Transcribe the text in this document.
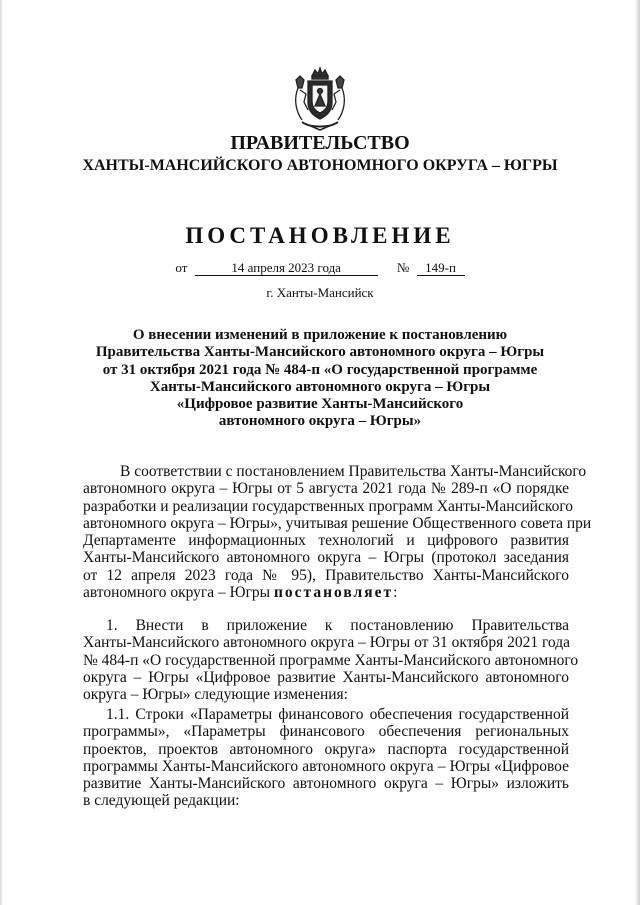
ПРАВИТЕЛЬСТВО
ХАНТЫ-МАНСИЙСКОГО АВТОНОМНОГО ОКРУГА – ЮГРЫ
ПОСТАНОВЛЕНИЕ
от	14 апреля 2023 года	№ 149-п
г. Ханты-Мансийск
О внесении изменений в приложение к постановлению
Правительства Ханты-Мансийского автономного округа – Югры
от 31 октября 2021 года № 484-п «О государственной программе
Ханты-Мансийского автономного округа – Югры
«Цифровое развитие Ханты-Мансийского
автономного округа – Югры»
В соответствии с постановлением Правительства Ханты-Мансийского
автономного округа – Югры от 5 августа 2021 года № 289-п «О порядке
разработки и реализации государственных программ Ханты-Мансийского
автономного округа – Югры», учитывая решение Общественного совета при
Департаменте информационных технологий и цифрового развития
Ханты-Мансийского автономного округа – Югры (протокол заседания
от 12 апреля 2023 года № 95), Правительство Ханты-Мансийского
автономного округа – Югры постановляет:
1. Внести в приложение к постановлению Правительства
Ханты-Мансийского автономного округа – Югры от 31 октября 2021 года
№ 484-п «О государственной программе Ханты-Мансийского автономного
округа – Югры «Цифровое развитие Ханты-Мансийского автономного
округа – Югры» следующие изменения:
1.1. Строки «Параметры финансового обеспечения государственной
программы», «Параметры финансового обеспечения региональных
проектов, проектов автономного округа» паспорта государственной
программы Ханты-Мансийского автономного округа – Югры «Цифровое
развитие Ханты-Мансийского автономного округа – Югры» изложить
в следующей редакции:
